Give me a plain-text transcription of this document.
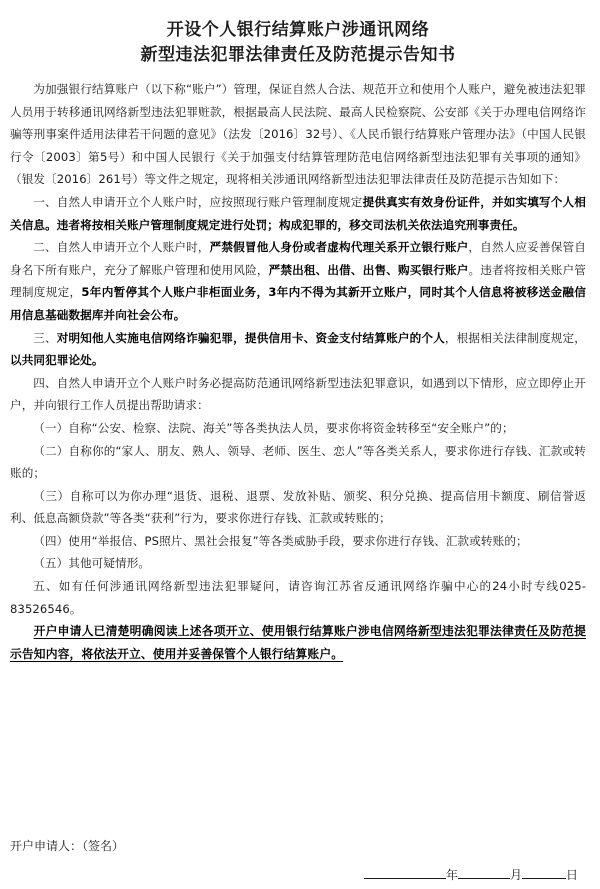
开设个人银行结算账户涉通讯网络
新型违法犯罪法律责任及防范提示告知书

为加强银行结算账户（以下称“账户”）管理，保证自然人合法、规范开立和使用个人账户，避免被违法犯罪人员用于转移通讯网络新型违法犯罪赃款，根据最高人民法院、最高人民检察院、公安部《关于办理电信网络诈骗等刑事案件适用法律若干问题的意见》（法发〔2016〕32号）、《人民币银行结算账户管理办法》（中国人民银行令〔2003〕第5号）和中国人民银行《关于加强支付结算管理防范电信网络新型违法犯罪有关事项的通知》（银发〔2016〕261号）等文件之规定，现将相关涉通讯网络新型违法犯罪法律责任及防范提示告知如下：

一、自然人申请开立个人账户时，应按照现行账户管理制度规定提供真实有效身份证件，并如实填写个人相关信息。违者将按相关账户管理制度规定进行处罚；构成犯罪的，移交司法机关依法追究刑事责任。

二、自然人申请开立个人账户时，严禁假冒他人身份或者虚构代理关系开立银行账户，自然人应妥善保管自身名下所有账户，充分了解账户管理和使用风险，严禁出租、出借、出售、购买银行账户。违者将按相关账户管理制度规定，5年内暂停其个人账户非柜面业务，3年内不得为其新开立账户，同时其个人信息将被移送金融信用信息基础数据库并向社会公布。

三、对明知他人实施电信网络诈骗犯罪，提供信用卡、资金支付结算账户的个人，根据相关法律制度规定，以共同犯罪论处。

四、自然人申请开立个人账户时务必提高防范通讯网络新型违法犯罪意识，如遇到以下情形，应立即停止开户，并向银行工作人员提出帮助请求：

（一）自称“公安、检察、法院、海关”等各类执法人员，要求你将资金转移至“安全账户”的；

（二）自称你的“家人、朋友、熟人、领导、老师、医生、恋人”等各类关系人，要求你进行存钱、汇款或转账的；

（三）自称可以为你办理“退货、退税、退票、发放补贴、颁奖、积分兑换、提高信用卡额度、刷信誉返利、低息高额贷款”等各类“获利”行为，要求你进行存钱、汇款或转账的；

（四）使用“举报信、PS照片、黑社会报复”等各类威胁手段，要求你进行存钱、汇款或转账的；

（五）其他可疑情形。

五、如有任何涉通讯网络新型违法犯罪疑问，请咨询江苏省反通讯网络诈骗中心的24小时专线025-83526546。

开户申请人已清楚明确阅读上述各项开立、使用银行结算账户涉电信网络新型违法犯罪法律责任及防范提示告知内容，将依法开立、使用并妥善保管个人银行结算账户。

开户申请人：（签名）
年	月	日
